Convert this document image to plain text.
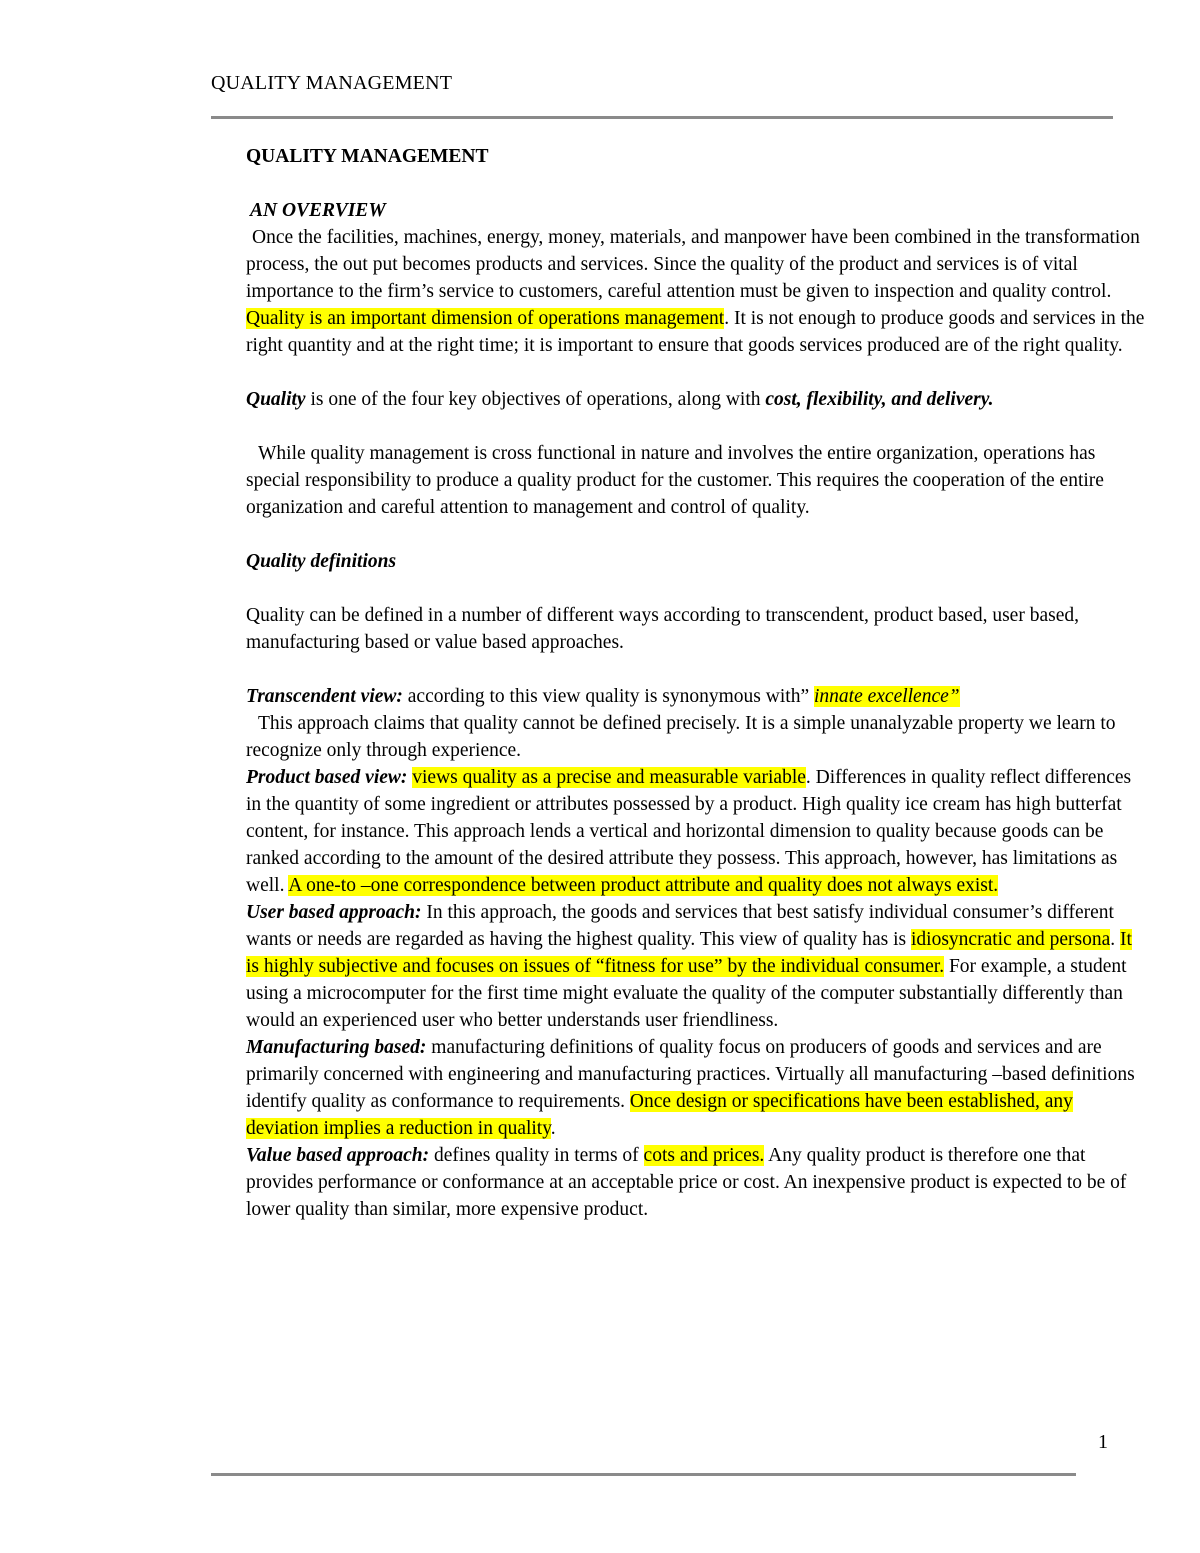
QUALITY MANAGEMENT
QUALITY MANAGEMENT
AN OVERVIEW

Once the facilities, machines, energy, money, materials, and manpower have been combined in the transformation process, the out put becomes products and services. Since the quality of the product and services is of vital importance to the firm’s service to customers, careful attention must be given to inspection and quality control. Quality is an important dimension of operations management. It is not enough to produce goods and services in the right quantity and at the right time; it is important to ensure that goods services produced are of the right quality.

Quality is one of the four key objectives of operations, along with cost, flexibility, and delivery.

While quality management is cross functional in nature and involves the entire organization, operations has special responsibility to produce a quality product for the customer. This requires the cooperation of the entire organization and careful attention to management and control of quality.

Quality definitions

Quality can be defined in a number of different ways according to transcendent, product based, user based, manufacturing based or value based approaches.

Transcendent view: according to this view quality is synonymous with” innate excellence”
This approach claims that quality cannot be defined precisely. It is a simple unanalyzable property we learn to recognize only through experience.

Product based view: views quality as a precise and measurable variable. Differences in quality reflect differences in the quantity of some ingredient or attributes possessed by a product. High quality ice cream has high butterfat content, for instance. This approach lends a vertical and horizontal dimension to quality because goods can be ranked according to the amount of the desired attribute they possess. This approach, however, has limitations as well. A one-to –one correspondence between product attribute and quality does not always exist.

User based approach: In this approach, the goods and services that best satisfy individual consumer’s different wants or needs are regarded as having the highest quality. This view of quality has is idiosyncratic and persona. It is highly subjective and focuses on issues of “fitness for use” by the individual consumer. For example, a student using a microcomputer for the first time might evaluate the quality of the computer substantially differently than would an experienced user who better understands user friendliness.

Manufacturing based: manufacturing definitions of quality focus on producers of goods and services and are primarily concerned with engineering and manufacturing practices. Virtually all manufacturing –based definitions identify quality as conformance to requirements. Once design or specifications have been established, any deviation implies a reduction in quality.

Value based approach: defines quality in terms of cots and prices. Any quality product is therefore one that provides performance or conformance at an acceptable price or cost. An inexpensive product is expected to be of lower quality than similar, more expensive product.

1
